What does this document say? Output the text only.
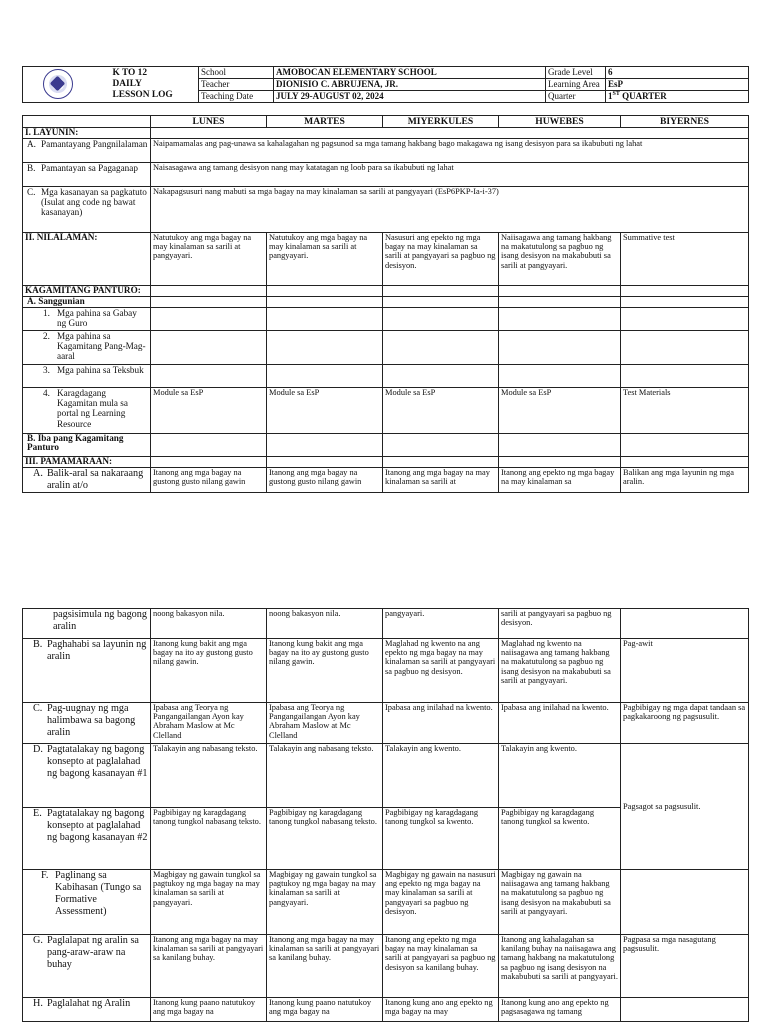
	K TO 12
DAILY
LESSON LOG	School	AMOBOCAN ELEMENTARY SCHOOL	Grade Level	6
		Teacher	DIONISIO C. ABRUJENA, JR.	Learning Area	EsP
		Teaching Date	JULY 29-AUGUST 02, 2024	Quarter	1ST QUARTER
	LUNES	MARTES	MIYERKULES	HUWEBES	BIYERNES
I. LAYUNIN:					

A. Pamantayang Pangnilalaman	Naipamamalas ang pag-unawa sa kahalagahan ng pagsunod sa mga tamang hakbang bago makagawa ng isang desisyon para sa ikabubuti ng lahat				

B. Pamantayan sa Pagaganap	Naisasagawa ang tamang desisyon nang may katatagan ng loob para sa ikabubuti ng lahat				

C. Mga kasanayan sa pagkatuto (Isulat ang code ng bawat kasanayan)	Nakapagsusuri nang mabuti sa mga bagay na may kinalaman sa sarili at pangyayari (EsP6PKP-Ia-i-37)				
II. NILALAMAN:	Natutukoy ang mga bagay na may kinalaman sa sarili at pangyayari.	Natutukoy ang mga bagay na may kinalaman sa sarili at pangyayari.	Nasusuri ang epekto ng mga bagay na may kinalaman sa sarili at pangyayari sa pagbuo ng desisyon.	Naiisagawa ang tamang hakbang na makatutulong sa pagbuo ng isang desisyon na makabubuti sa sarili at pangyayari.	Summative test
KAGAMITANG PANTURO:					
A. Sanggunian					

1. Mga pahina sa Gabay ng Guro					

2. Mga pahina sa Kagamitang Pang-Mag-aaral					

3. Mga pahina sa Teksbuk					

4. Karagdagang Kagamitan mula sa portal ng Learning Resource	Module sa EsP	Module sa EsP	Module sa EsP	Module sa EsP	Test Materials
B. Iba pang Kagamitang Panturo					
III. PAMAMARAAN:					

A. Balik-aral sa nakaraang aralin at/o	Itanong ang mga bagay na gustong gusto nilang gawin	Itanong ang mga bagay na gustong gusto nilang gawin	Itanong ang mga bagay na may kinalaman sa sarili at	Itanong ang epekto ng mga bagay na may kinalaman sa	Balikan ang mga layunin ng mga aralin.
pagsisimula ng bagong aralin	noong bakasyon nila.	noong bakasyon nila.	pangyayari.	sarili at pangyayari sa pagbuo ng desisyon.	

B. Paghahabi sa layunin ng aralin	Itanong kung bakit ang mga bagay na ito ay gustong gusto nilang gawin.	Itanong kung bakit ang mga bagay na ito ay gustong gusto nilang gawin.	Maglahad ng kwento na ang epekto ng mga bagay na may kinalaman sa sarili at pangyayari sa pagbuo ng desisyon.	Maglahad ng kwento na naiisagawa ang tamang hakbang na makatutulong sa pagbuo ng isang desisyon na makabubuti sa sarili at pangyayari.	Pag-awit

C. Pag-uugnay ng mga halimbawa sa bagong aralin	Ipabasa ang Teorya ng Pangangailangan Ayon kay Abraham Maslow at Mc Clelland	Ipabasa ang Teorya ng Pangangailangan Ayon kay Abraham Maslow at Mc Clelland	Ipabasa ang inilahad na kwento.	Ipabasa ang inilahad na kwento.	Pagbibigay ng mga dapat tandaan sa pagkakaroong ng pagsusulit.

D. Pagtatalakay ng bagong konsepto at paglalahad ng bagong kasanayan #1	Talakayin ang nabasang teksto.	Talakayin ang nabasang teksto.	Talakayin ang kwento.	Talakayin ang kwento.	Pagsagot sa pagsusulit.

E. Pagtatalakay ng bagong konsepto at paglalahad ng bagong kasanayan #2	Pagbibigay ng karagdagang tanong tungkol nabasang teksto.	Pagbibigay ng karagdagang tanong tungkol nabasang teksto.	Pagbibigay ng karagdagang tanong tungkol sa kwento.	Pagbibigay ng karagdagang tanong tungkol sa kwento.	

F. Paglinang sa Kabihasan (Tungo sa Formative Assessment)	Magbigay ng gawain tungkol sa pagtukoy ng mga bagay na may kinalaman sa sarili at pangyayari.	Magbigay ng gawain tungkol sa pagtukoy ng mga bagay na may kinalaman sa sarili at pangyayari.	Magbigay ng gawain na nasusuri ang epekto ng mga bagay na may kinalaman sa sarili at pangyayari sa pagbuo ng desisyon.	Magbigay ng gawain na naiisagawa ang tamang hakbang na makatutulong sa pagbuo ng isang desisyon na makabubuti sa sarili at pangyayari.	

G. Paglalapat ng aralin sa pang-araw-araw na buhay	Itanong ang mga bagay na may kinalaman sa sarili at pangyayari sa kanilang buhay.	Itanong ang mga bagay na may kinalaman sa sarili at pangyayari sa kanilang buhay.	Itanong ang epekto ng mga bagay na may kinalaman sa sarili at pangyayari sa pagbuo ng desisyon sa kanilang buhay.	Itanong ang kahalagahan sa kanilang buhay na naiisagawa ang tamang hakbang na makatutulong sa pagbuo ng isang desisyon na makabubuti sa sarili at pangyayari.	Pagpasa sa mga nasagutang pagsusulit.

H. Paglalahat ng Aralin	Itanong kung paano natutukoy ang mga bagay na	Itanong kung paano natutukoy ang mga bagay na	Itanong kung ano ang epekto ng mga bagay na may	Itanong kung ano ang epekto ng pagsasagawa ng tamang	
